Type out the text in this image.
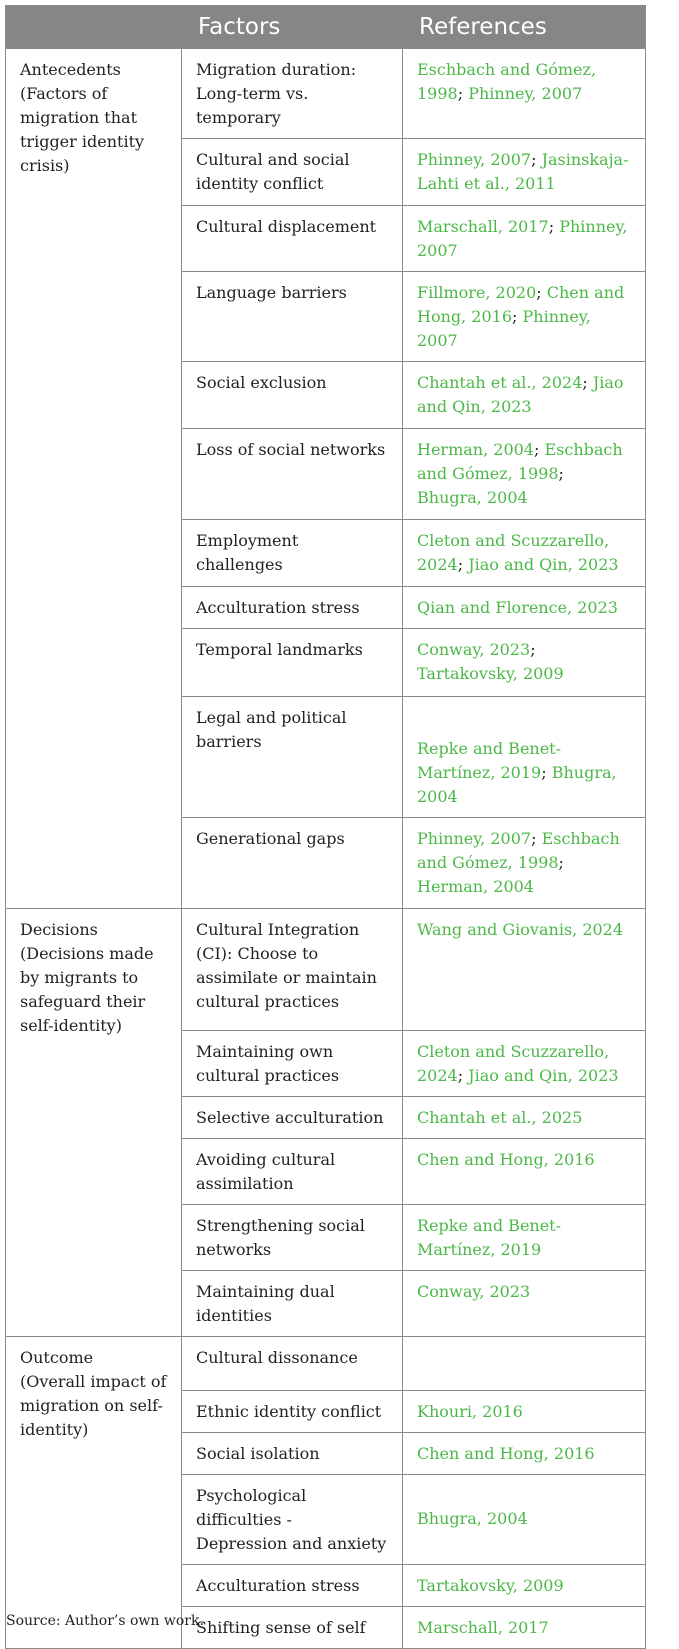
	Factors	References

Antecedents
(Factors of migration that trigger identity crisis)	Migration duration: Long-term vs. temporary	Eschbach and Gómez, 1998; Phinney, 2007
	Cultural and social identity conflict	Phinney, 2007; Jasinskaja-Lahti et al., 2011
	Cultural displacement	Marschall, 2017; Phinney, 2007
	Language barriers	Fillmore, 2020; Chen and Hong, 2016; Phinney, 2007
	Social exclusion	Chantah et al., 2024; Jiao and Qin, 2023
	Loss of social networks	Herman, 2004; Eschbach and Gómez, 1998; Bhugra, 2004
	Employment challenges	Cleton and Scuzzarello, 2024; Jiao and Qin, 2023
	Acculturation stress	Qian and Florence, 2023
	Temporal landmarks	Conway, 2023; Tartakovsky, 2009
	Legal and political barriers	Repke and Benet-Martínez, 2019; Bhugra, 2004
	Generational gaps	Phinney, 2007; Eschbach and Gómez, 1998; Herman, 2004

Decisions
(Decisions made by migrants to safeguard their self-identity)	Cultural Integration (CI): Choose to assimilate or maintain cultural practices	Wang and Giovanis, 2024
	Maintaining own cultural practices	Cleton and Scuzzarello, 2024; Jiao and Qin, 2023
	Selective acculturation	Chantah et al., 2025
	Avoiding cultural assimilation	Chen and Hong, 2016
	Strengthening social networks	Repke and Benet-Martínez, 2019
	Maintaining dual identities	Conway, 2023

Outcome
(Overall impact of migration on self-identity)	Cultural dissonance	
	Ethnic identity conflict	Khouri, 2016
	Social isolation	Chen and Hong, 2016
	Psychological difficulties - Depression and anxiety	Bhugra, 2004
	Acculturation stress	Tartakovsky, 2009
	Shifting sense of self	Marschall, 2017
Source: Author’s own work.
